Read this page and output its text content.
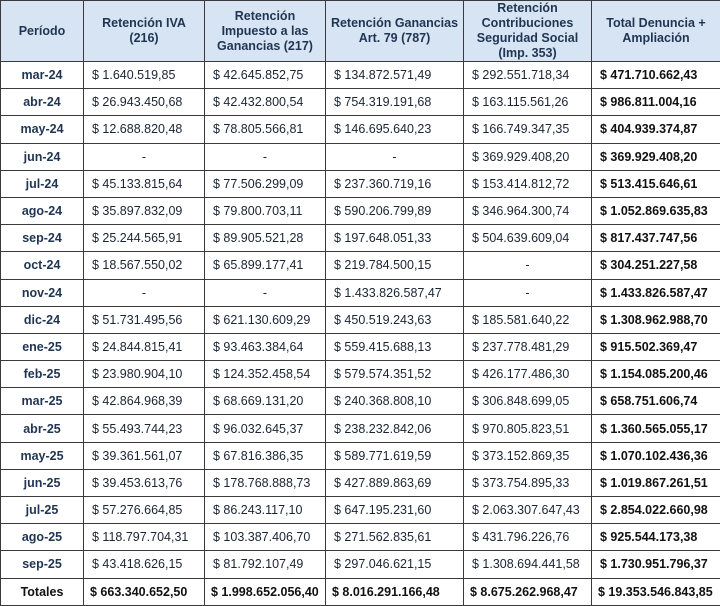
Período	Retención IVA (216)	Retención Impuesto a las Ganancias (217)	Retención Ganancias Art. 79 (787)	Retención Contribuciones Seguridad Social (Imp. 353)	Total Denuncia + Ampliación
mar-24	$ 1.640.519,85	$ 42.645.852,75	$ 134.872.571,49	$ 292.551.718,34	$ 471.710.662,43
abr-24	$ 26.943.450,68	$ 42.432.800,54	$ 754.319.191,68	$ 163.115.561,26	$ 986.811.004,16
may-24	$ 12.688.820,48	$ 78.805.566,81	$ 146.695.640,23	$ 166.749.347,35	$ 404.939.374,87
jun-24	-	-	-	$ 369.929.408,20	$ 369.929.408,20
jul-24	$ 45.133.815,64	$ 77.506.299,09	$ 237.360.719,16	$ 153.414.812,72	$ 513.415.646,61
ago-24	$ 35.897.832,09	$ 79.800.703,11	$ 590.206.799,89	$ 346.964.300,74	$ 1.052.869.635,83
sep-24	$ 25.244.565,91	$ 89.905.521,28	$ 197.648.051,33	$ 504.639.609,04	$ 817.437.747,56
oct-24	$ 18.567.550,02	$ 65.899.177,41	$ 219.784.500,15	-	$ 304.251.227,58
nov-24	-	-	$ 1.433.826.587,47	-	$ 1.433.826.587,47
dic-24	$ 51.731.495,56	$ 621.130.609,29	$ 450.519.243,63	$ 185.581.640,22	$ 1.308.962.988,70
ene-25	$ 24.844.815,41	$ 93.463.384,64	$ 559.415.688,13	$ 237.778.481,29	$ 915.502.369,47
feb-25	$ 23.980.904,10	$ 124.352.458,54	$ 579.574.351,52	$ 426.177.486,30	$ 1.154.085.200,46
mar-25	$ 42.864.968,39	$ 68.669.131,20	$ 240.368.808,10	$ 306.848.699,05	$ 658.751.606,74
abr-25	$ 55.493.744,23	$ 96.032.645,37	$ 238.232.842,06	$ 970.805.823,51	$ 1.360.565.055,17
may-25	$ 39.361.561,07	$ 67.816.386,35	$ 589.771.619,59	$ 373.152.869,35	$ 1.070.102.436,36
jun-25	$ 39.453.613,76	$ 178.768.888,73	$ 427.889.863,69	$ 373.754.895,33	$ 1.019.867.261,51
jul-25	$ 57.276.664,85	$ 86.243.117,10	$ 647.195.231,60	$ 2.063.307.647,43	$ 2.854.022.660,98
ago-25	$ 118.797.704,31	$ 103.387.406,70	$ 271.562.835,61	$ 431.796.226,76	$ 925.544.173,38
sep-25	$ 43.418.626,15	$ 81.792.107,49	$ 297.046.621,15	$ 1.308.694.441,58	$ 1.730.951.796,37
Totales	$ 663.340.652,50	$ 1.998.652.056,40	$ 8.016.291.166,48	$ 8.675.262.968,47	$ 19.353.546.843,85
